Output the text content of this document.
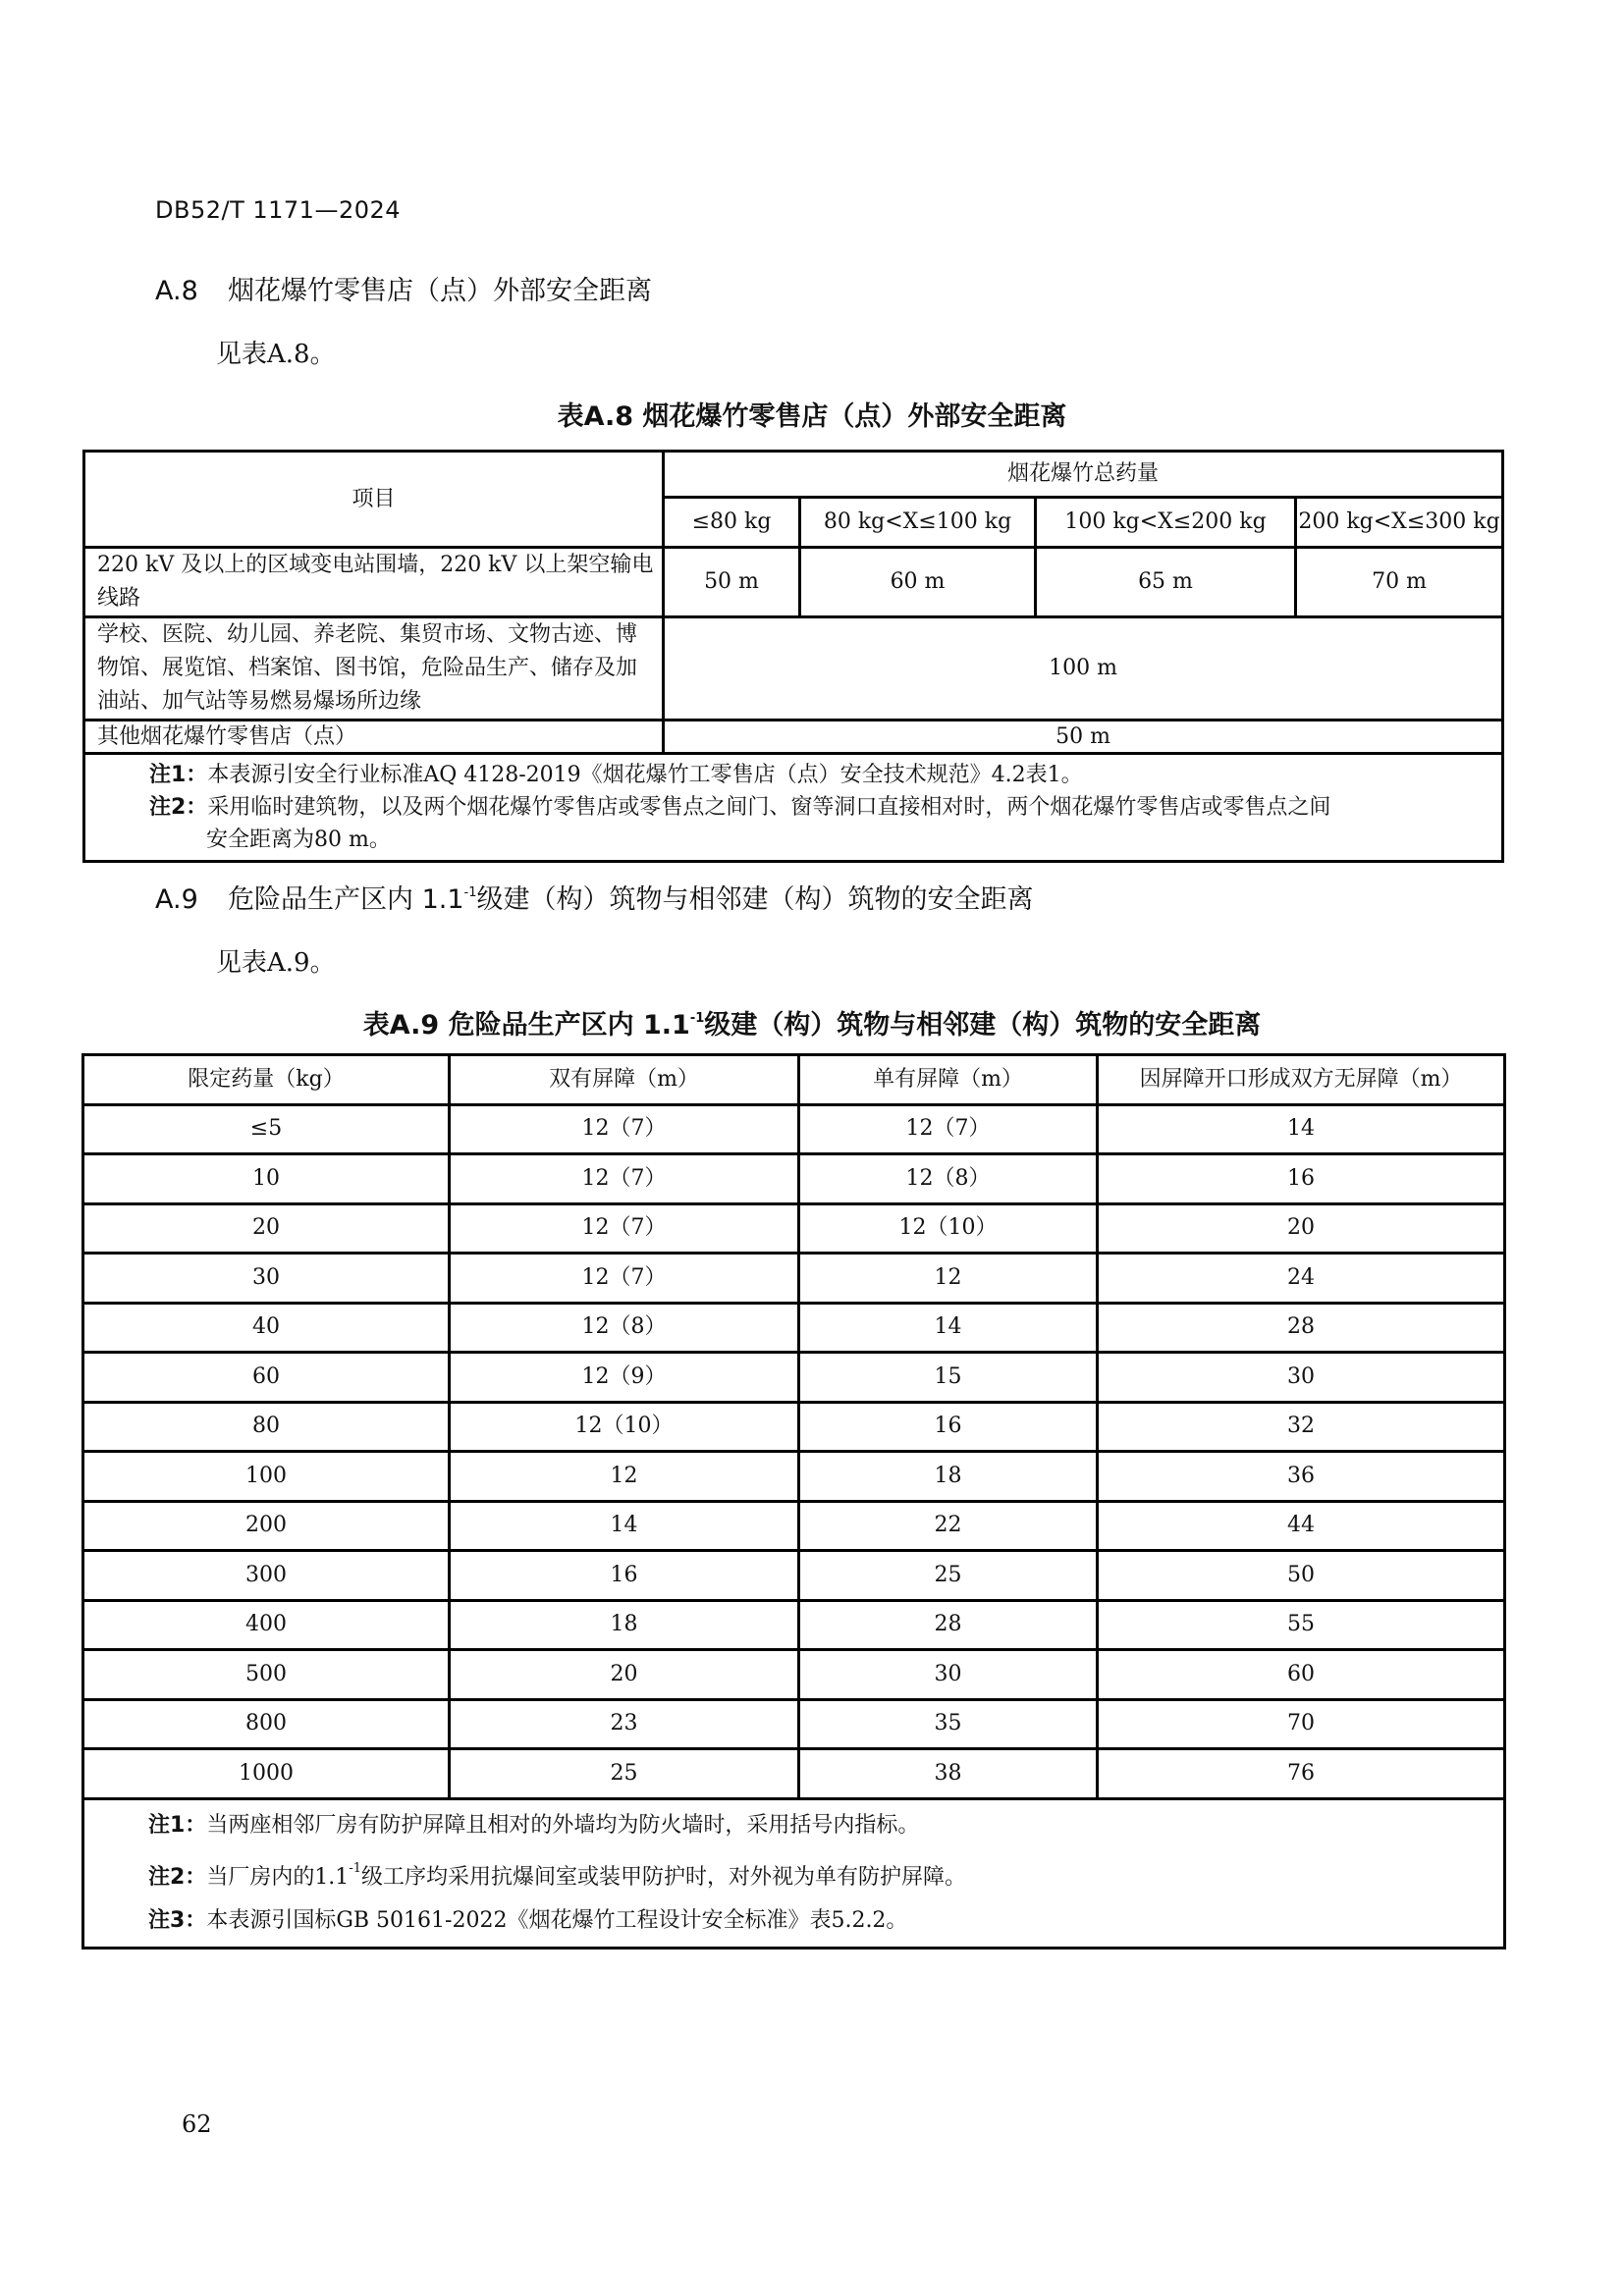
DB52/T 1171—2024
A.8 烟花爆竹零售店（点）外部安全距离
见表A.8。
表A.8 烟花爆竹零售店（点）外部安全距离
项目	烟花爆竹总药量			
	≤80 kg	80 kg<X≤100 kg	100 kg<X≤200 kg	200 kg<X≤300 kg
220 kV 及以上的区域变电站围墙，220 kV 以上架空输电线路	50 m	60 m	65 m	70 m
学校、医院、幼儿园、养老院、集贸市场、文物古迹、博物馆、展览馆、档案馆、图书馆，危险品生产、储存及加油站、加气站等易燃易爆场所边缘	100 m			
其他烟花爆竹零售店（点）	50 m			

注1：本表源引安全行业标准AQ 4128-2019《烟花爆竹工零售店（点）安全技术规范》4.2表1。
注2：采用临时建筑物，以及两个烟花爆竹零售店或零售点之间门、窗等洞口直接相对时，两个烟花爆竹零售店或零售点之间
安全距离为80 m。				
A.9 危险品生产区内 $1.1^{-1}$级建（构）筑物与相邻建（构）筑物的安全距离
见表A.9。
表A.9 危险品生产区内 $1.1^{-1}$级建（构）筑物与相邻建（构）筑物的安全距离
限定药量（kg）	双有屏障（m）	单有屏障（m）	因屏障开口形成双方无屏障（m）
≤5	12（7）	12（7）	14
10	12（7）	12（8）	16
20	12（7）	12（10）	20
30	12（7）	12	24
40	12（8）	14	28
60	12（9）	15	30
80	12（10）	16	32
100	12	18	36
200	14	22	44
300	16	25	50
400	18	28	55
500	20	30	60
800	23	35	70
1000	25	38	76

注1：当两座相邻厂房有防护屏障且相对的外墙均为防火墙时，采用括号内指标。
注2：当厂房内的$1.1^{-1}$级工序均采用抗爆间室或装甲防护时，对外视为单有防护屏障。
注3：本表源引国标GB 50161-2022《烟花爆竹工程设计安全标准》表5.2.2。			
62
